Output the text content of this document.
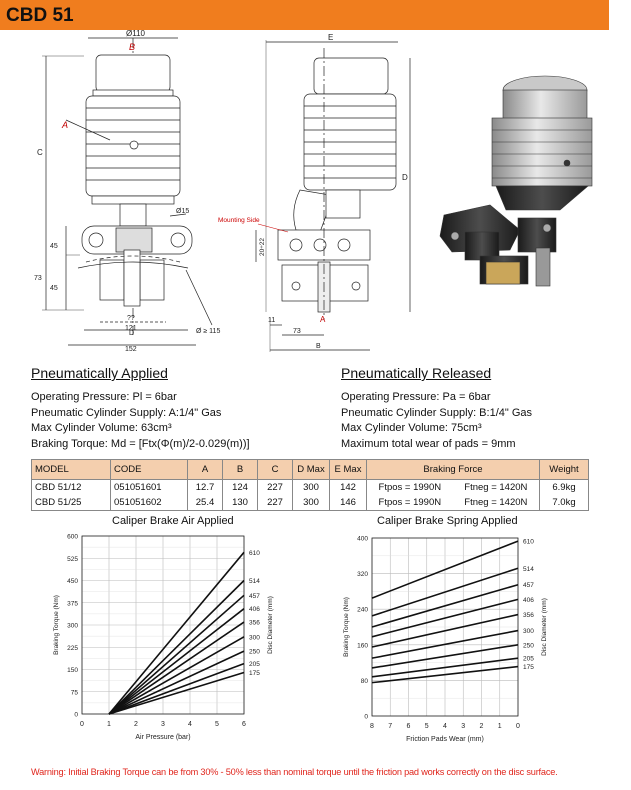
CBD 51
Ø110
B
A
C
Ø15
45
73
45
??
D
121
152
Ø ≥ 115
E
Mounting Side
D
20÷22
11	A
73
B
Pneumatically Applied
Operating Pressure: Pl = 6bar
Pneumatic Cylinder Supply: A:1/4" Gas
Max Cylinder Volume: 63cm³
Braking Torque: Md = [Ftx(Φ(m)/2-0.029(m))]
Pneumatically Released
Operating Pressure: Pa = 6bar
Pneumatic Cylinder Supply: B:1/4" Gas
Max Cylinder Volume: 75cm³
Maximum total wear of pads = 9mm
MODEL	CODE	A	B	C	D Max	E Max	Braking Force		Weight
CBD 51/12	051051601	12.7	124	227	300	142	Ftpos = 1990N	Ftneg = 1420N	6.9kg
CBD 51/25	051051602	25.4	130	227	300	146	Ftpos = 1990N	Ftneg = 1420N	7.0kg
Caliper Brake Air Applied	Caliper Brake Spring Applied
0	1	2	3	4	5	6
0
75
150
225
300
375
450
525
600
610
514
457
406
356
300
250
205
175
Air Pressure (bar)
Braking Torque (Nm)	Disc Diameter (mm)
8 7 6 5 4 3 2 1 0
0
80
160
240
320
400	610
514
457
406
356
300
250
205
175
Friction Pads Wear (mm)
Braking Torque (Nm)	Disc Diameter (mm)
Warning: Initial Braking Torque can be from 30% - 50% less than nominal torque until the friction pad works correctly on the disc surface.
